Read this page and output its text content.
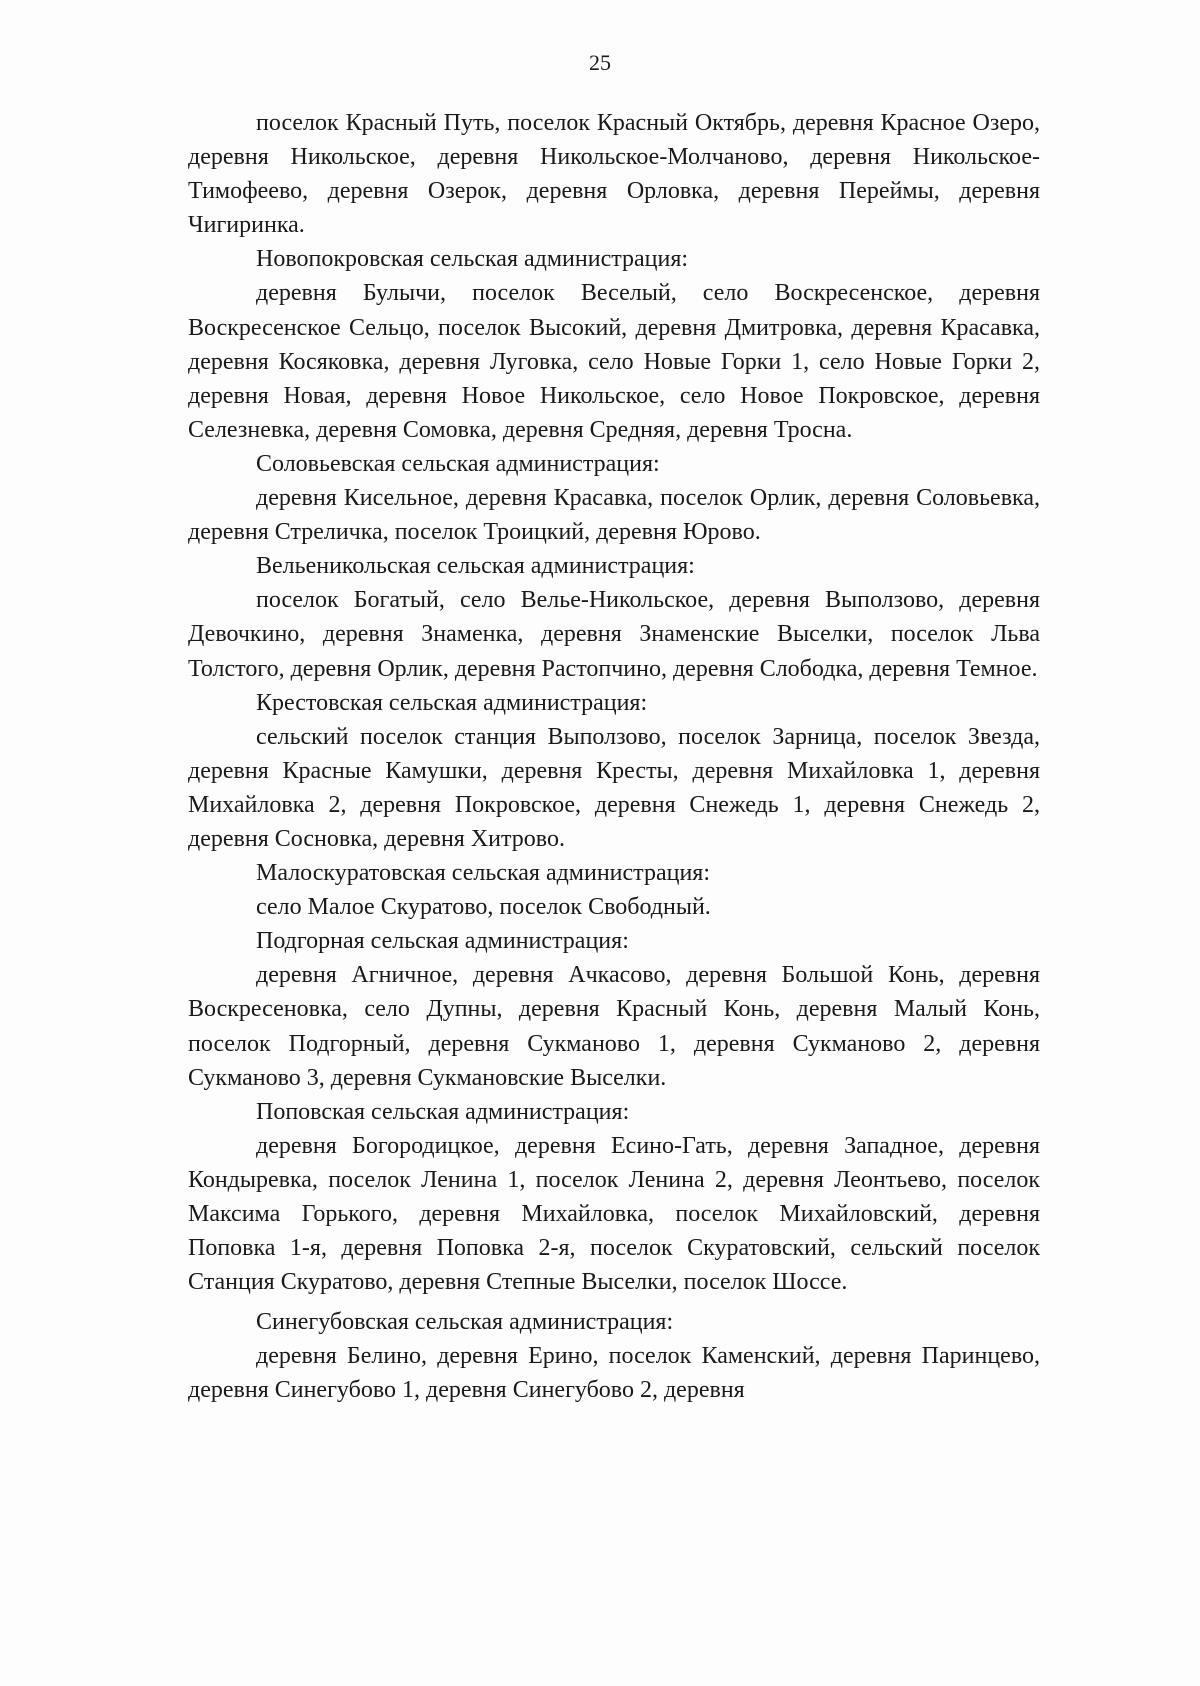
25

поселок Красный Путь, поселок Красный Октябрь, деревня Красное Озеро, деревня Никольское, деревня Никольское-Молчаново, деревня Никольское-Тимофеево, деревня Озерок, деревня Орловка, деревня Переймы, деревня Чигиринка.

Новопокровская сельская администрация:

деревня Булычи, поселок Веселый, село Воскресенское, деревня Воскресенское Сельцо, поселок Высокий, деревня Дмитровка, деревня Красавка, деревня Косяковка, деревня Луговка, село Новые Горки 1, село Новые Горки 2, деревня Новая, деревня Новое Никольское, село Новое Покровское, деревня Селезневка, деревня Сомовка, деревня Средняя, деревня Тросна.

Соловьевская сельская администрация:

деревня Кисельное, деревня Красавка, поселок Орлик, деревня Соловьевка, деревня Стреличка, поселок Троицкий, деревня Юрово.

Вельеникольская сельская администрация:

поселок Богатый, село Велье-Никольское, деревня Выползово, деревня Девочкино, деревня Знаменка, деревня Знаменские Выселки, поселок Льва Толстого, деревня Орлик, деревня Растопчино, деревня Слободка, деревня Темное.

Крестовская сельская администрация:

сельский поселок станция Выползово, поселок Зарница, поселок Звезда, деревня Красные Камушки, деревня Кресты, деревня Михайловка 1, деревня Михайловка 2, деревня Покровское, деревня Снежедь 1, деревня Снежедь 2, деревня Сосновка, деревня Хитрово.

Малоскуратовская сельская администрация:

село Малое Скуратово, поселок Свободный.

Подгорная сельская администрация:

деревня Агничное, деревня Ачкасово, деревня Большой Конь, деревня Воскресеновка, село Дупны, деревня Красный Конь, деревня Малый Конь, поселок Подгорный, деревня Сукманово 1, деревня Сукманово 2, деревня Сукманово 3, деревня Сукмановские Выселки.

Поповская сельская администрация:

деревня Богородицкое, деревня Есино-Гать, деревня Западное, деревня Кондыревка, поселок Ленина 1, поселок Ленина 2, деревня Леонтьево, поселок Максима Горького, деревня Михайловка, поселок Михайловский, деревня Поповка 1-я, деревня Поповка 2-я, поселок Скуратовский, сельский поселок Станция Скуратово, деревня Степные Выселки, поселок Шоссе.

Синегубовская сельская администрация:

деревня Белино, деревня Ерино, поселок Каменский, деревня Паринцево, деревня Синегубово 1, деревня Синегубово 2, деревня
